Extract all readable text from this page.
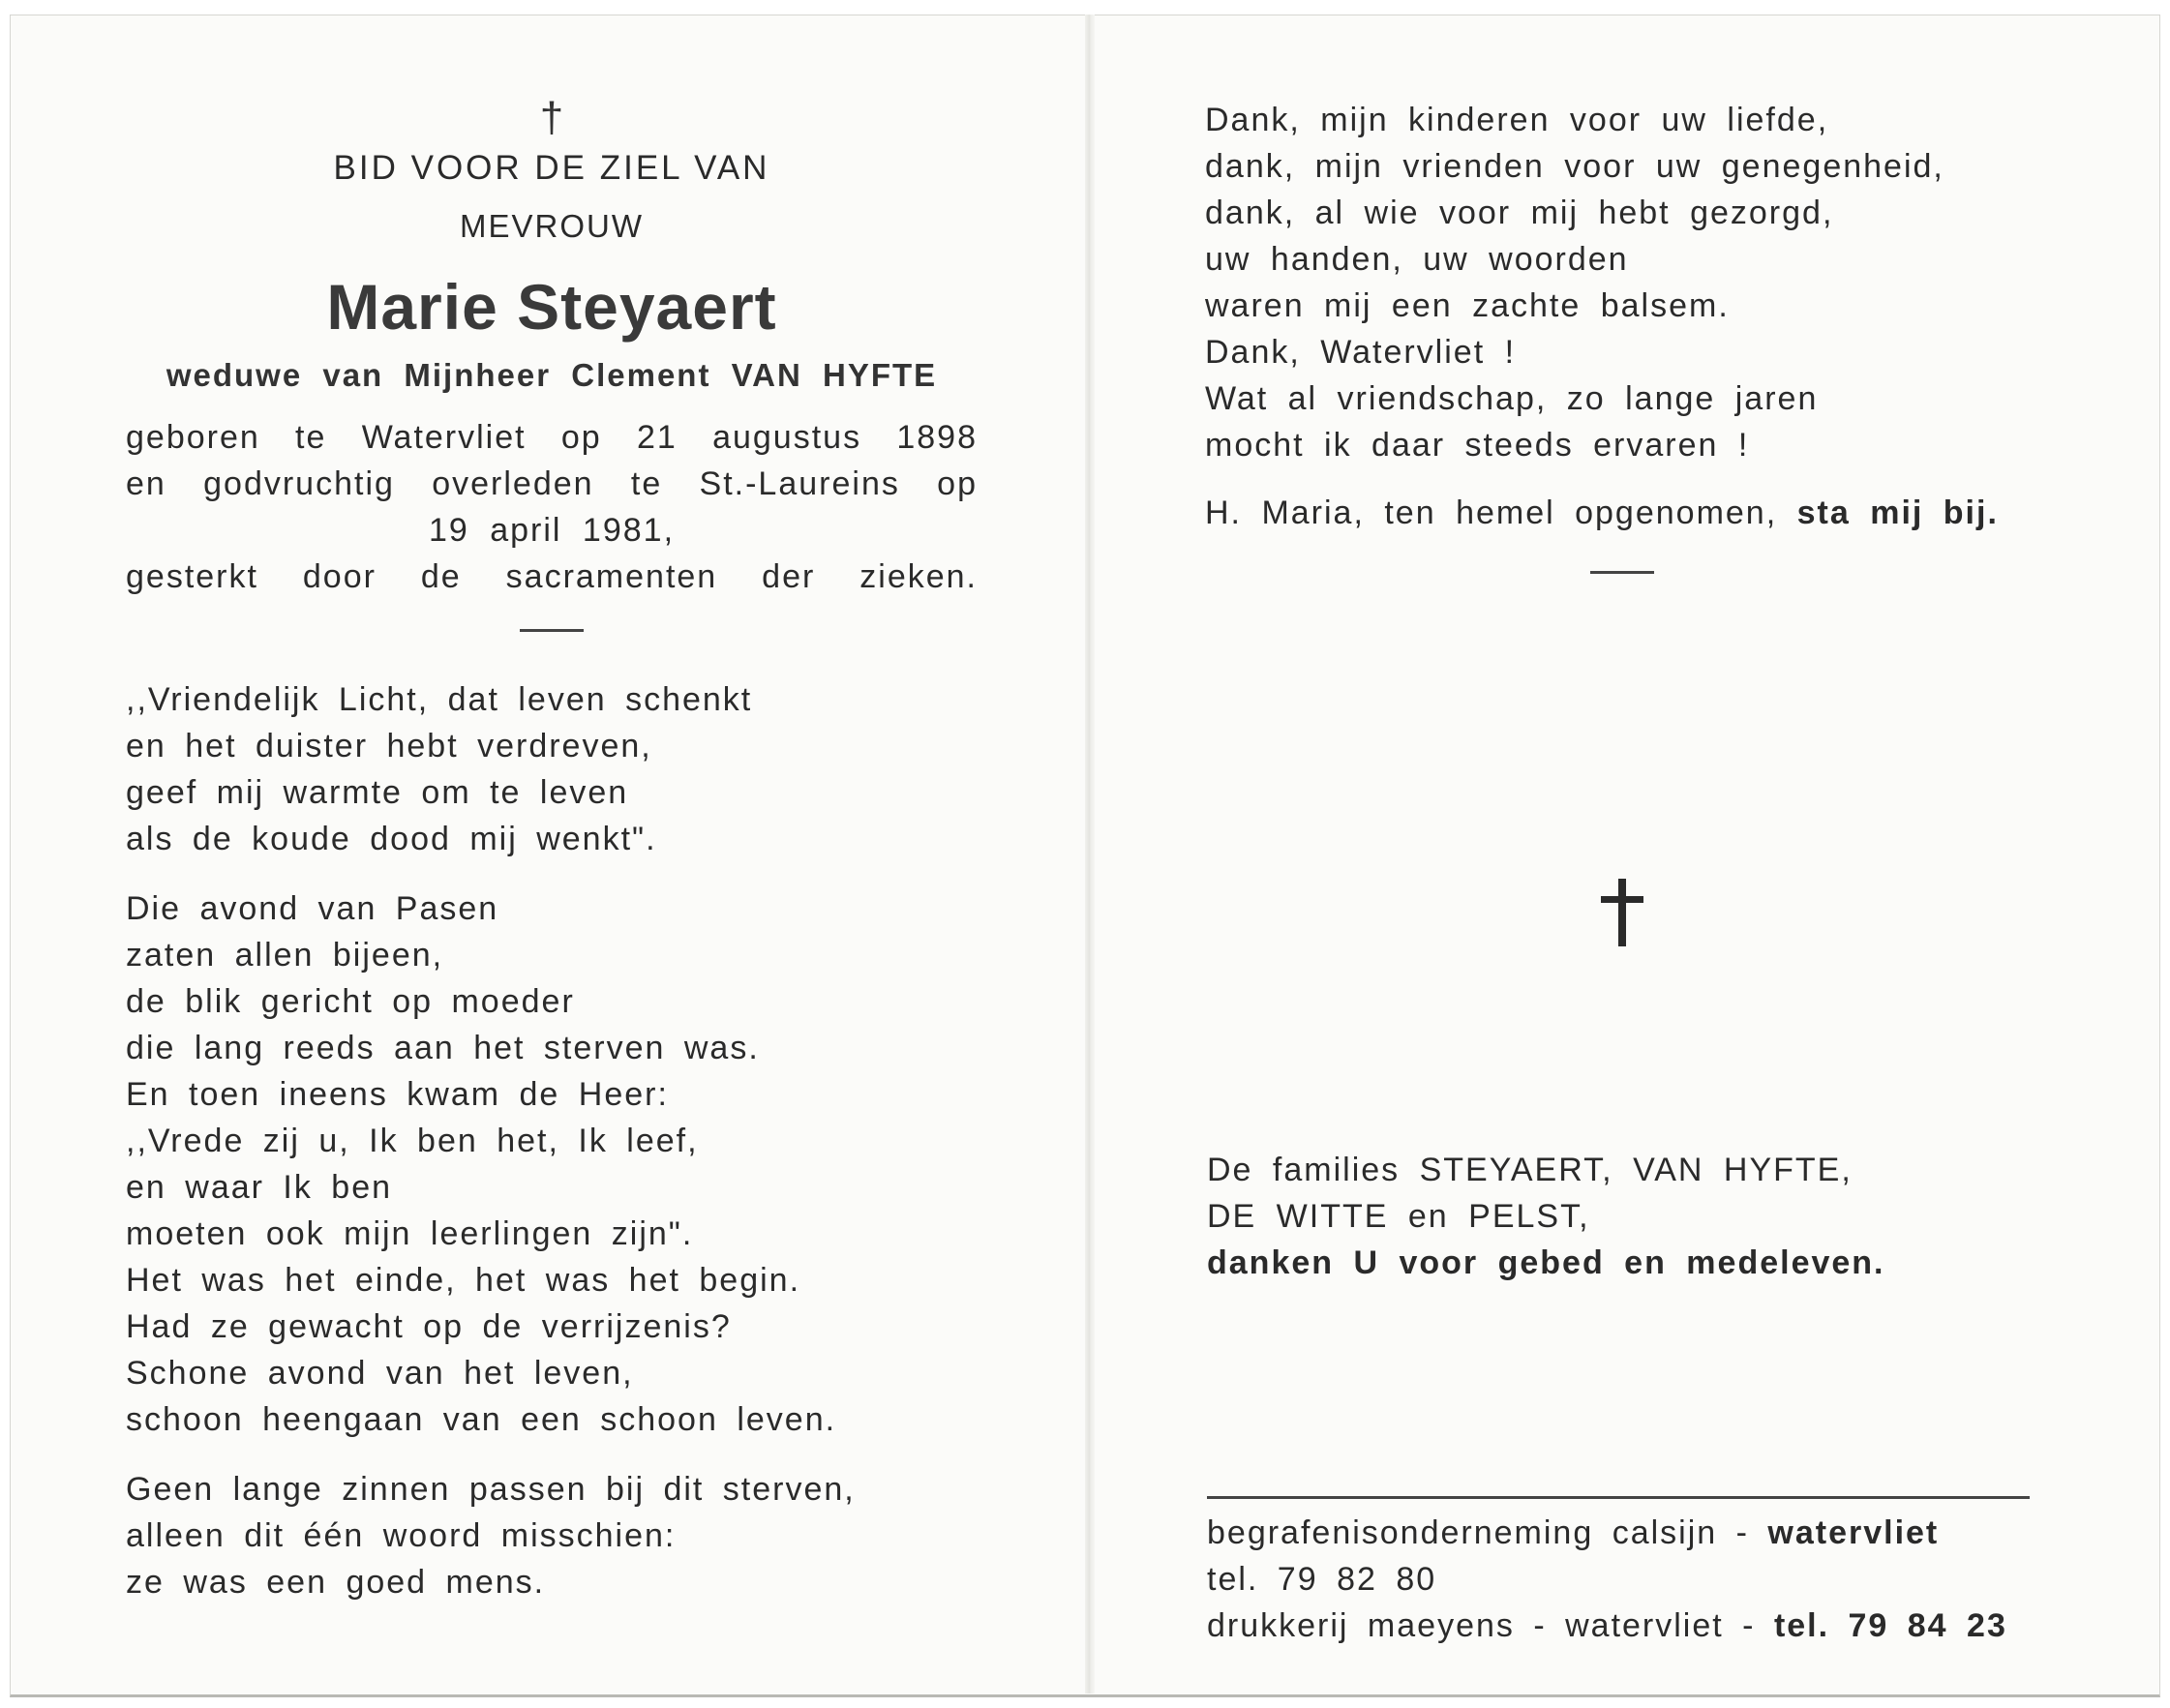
†
BID VOOR DE ZIEL VAN
MEVROUW
Marie Steyaert
weduwe van Mijnheer Clement VAN HYFTE
geboren te Watervliet op 21 augustus 1898
en godvruchtig overleden te St.-Laureins op
19 april 1981,
gesterkt door de sacramenten der zieken.
,,Vriendelijk Licht, dat leven schenkt
en het duister hebt verdreven,
geef mij warmte om te leven
als de koude dood mij wenkt".
Die avond van Pasen
zaten allen bijeen,
de blik gericht op moeder
die lang reeds aan het sterven was.
En toen ineens kwam de Heer:
,,Vrede zij u, Ik ben het, Ik leef,
en waar Ik ben
moeten ook mijn leerlingen zijn".
Het was het einde, het was het begin.
Had ze gewacht op de verrijzenis?
Schone avond van het leven,
schoon heengaan van een schoon leven.
Geen lange zinnen passen bij dit sterven,
alleen dit één woord misschien:
ze was een goed mens.
Dank, mijn kinderen voor uw liefde,
dank, mijn vrienden voor uw genegenheid,
dank, al wie voor mij hebt gezorgd,
uw handen, uw woorden
waren mij een zachte balsem.
Dank, Watervliet !
Wat al vriendschap, zo lange jaren
mocht ik daar steeds ervaren !
H. Maria, ten hemel opgenomen, sta mij bij.
De families STEYAERT, VAN HYFTE,
DE WITTE en PELST,
danken U voor gebed en medeleven.
begrafenisonderneming calsijn - watervliet
tel. 79 82 80
drukkerij maeyens - watervliet - tel. 79 84 23
